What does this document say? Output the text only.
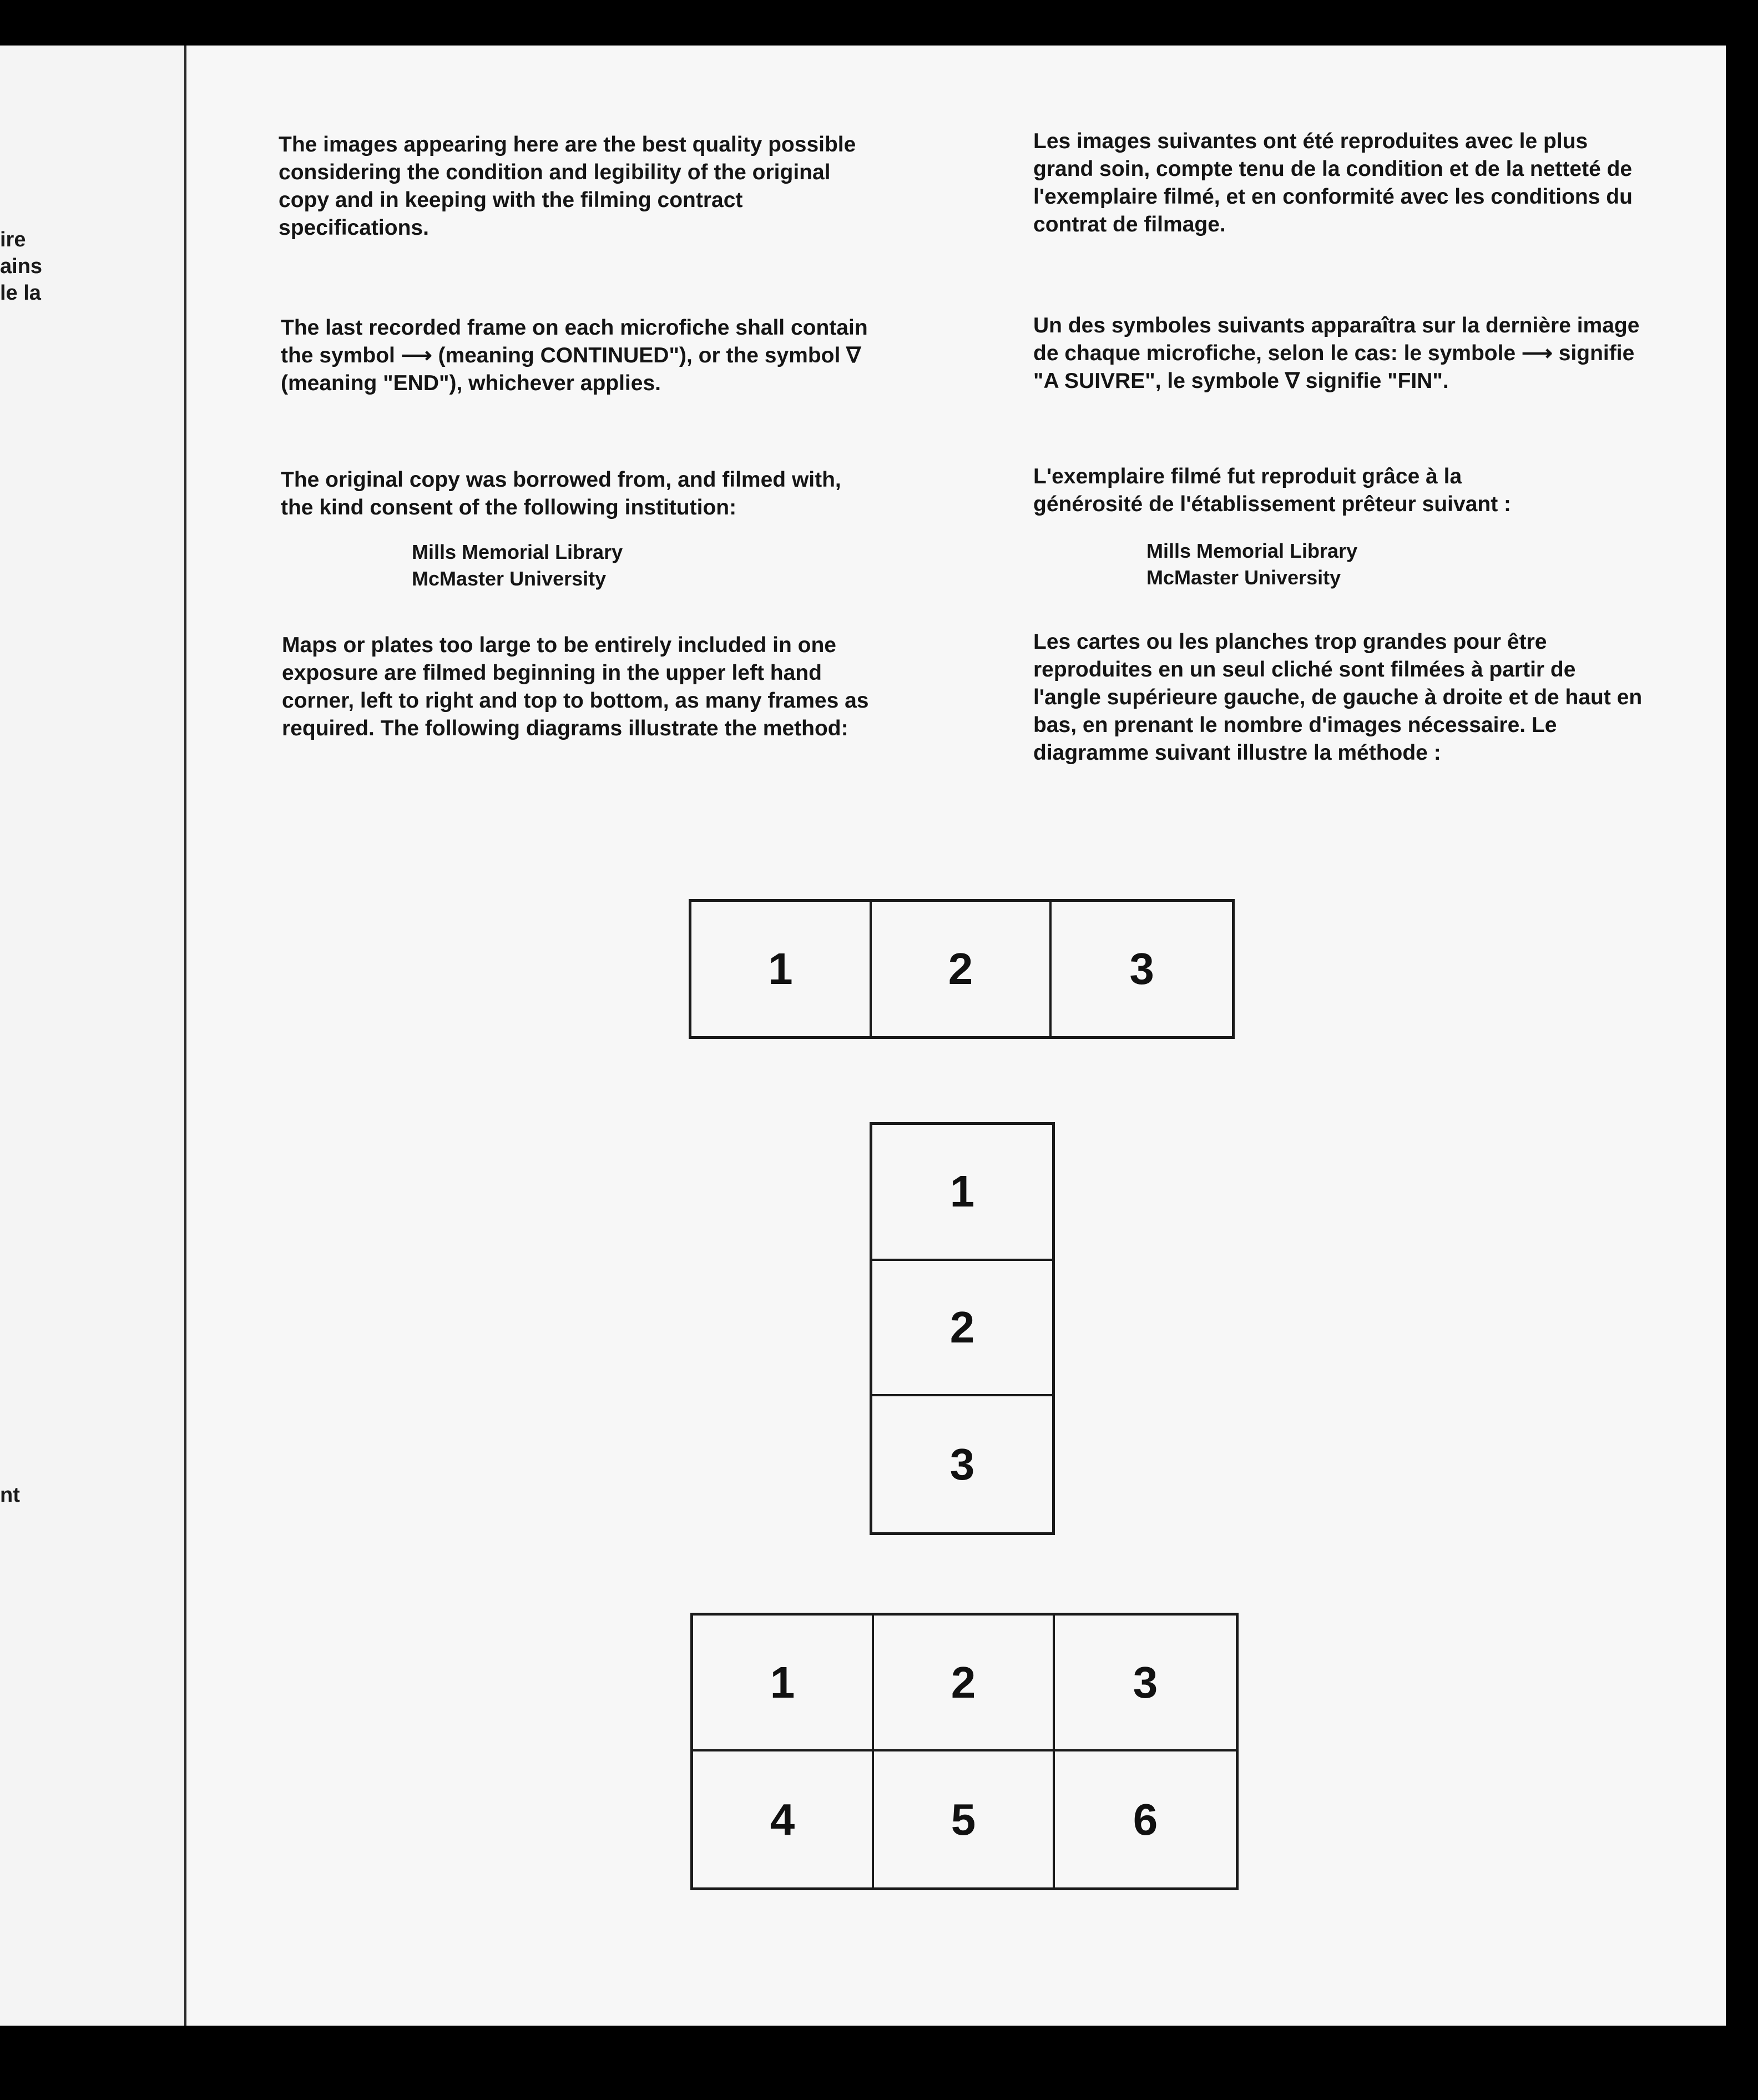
ire
ains
le la
nt
The images appearing here are the best quality possible considering the condition and legibility of the original copy and in keeping with the filming contract specifications.
The last recorded frame on each microfiche shall contain the symbol ⟶ (meaning CONTINUED"), or the symbol ∇ (meaning "END"), whichever applies.
The original copy was borrowed from, and filmed with, the kind consent of the following institution:
Mills Memorial Library
McMaster University
Maps or plates too large to be entirely included in one exposure are filmed beginning in the upper left hand corner, left to right and top to bottom, as many frames as required. The following diagrams illustrate the method:
Les images suivantes ont été reproduites avec le plus grand soin, compte tenu de la condition et de la netteté de l'exemplaire filmé, et en conformité avec les conditions du contrat de filmage.
Un des symboles suivants apparaîtra sur la dernière image de chaque microfiche, selon le cas: le symbole ⟶ signifie "A SUIVRE", le symbole ∇ signifie "FIN".
L'exemplaire filmé fut reproduit grâce à la générosité de l'établissement prêteur suivant :
Mills Memorial Library
McMaster University
Les cartes ou les planches trop grandes pour être reproduites en un seul cliché sont filmées à partir de l'angle supérieure gauche, de gauche à droite et de haut en bas, en prenant le nombre d'images nécessaire. Le diagramme suivant illustre la méthode :
1	2	3
1
2
3
1	2	3
4	5	6
